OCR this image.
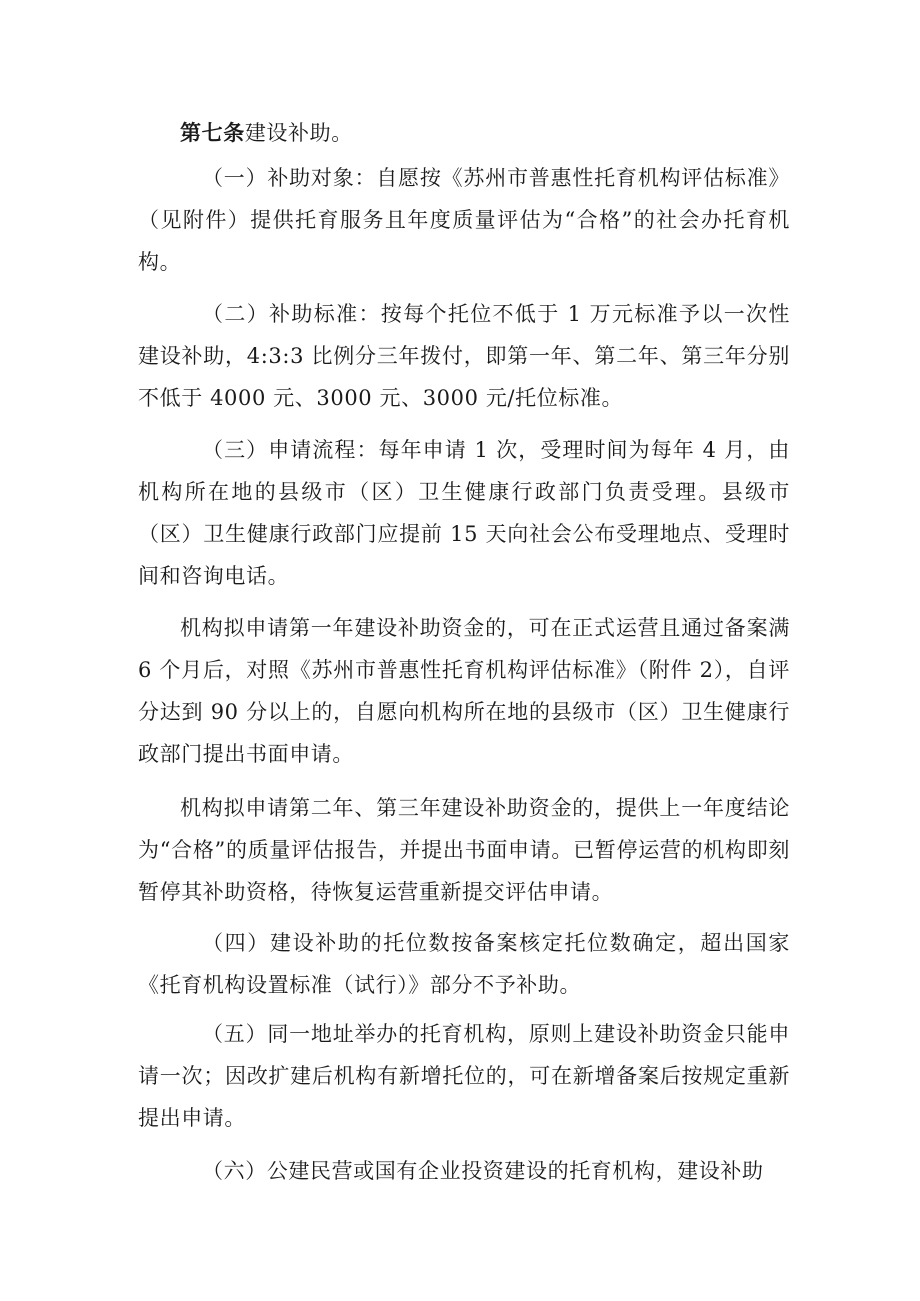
第七条建设补助。

（一）补助对象：自愿按《苏州市普惠性托育机构评估标准》（见附件）提供托育服务且年度质量评估为“合格”的社会办托育机构。

（二）补助标准：按每个托位不低于 1 万元标准予以一次性建设补助，4:3:3 比例分三年拨付，即第一年、第二年、第三年分别不低于 4000 元、3000 元、3000 元/托位标准。

（三）申请流程：每年申请 1 次，受理时间为每年 4 月，由机构所在地的县级市（区）卫生健康行政部门负责受理。县级市（区）卫生健康行政部门应提前 15 天向社会公布受理地点、受理时间和咨询电话。

机构拟申请第一年建设补助资金的，可在正式运营且通过备案满 6 个月后，对照《苏州市普惠性托育机构评估标准》（附件 2），自评分达到 90 分以上的，自愿向机构所在地的县级市（区）卫生健康行政部门提出书面申请。

机构拟申请第二年、第三年建设补助资金的，提供上一年度结论为“合格”的质量评估报告，并提出书面申请。已暂停运营的机构即刻暂停其补助资格，待恢复运营重新提交评估申请。

（四）建设补助的托位数按备案核定托位数确定，超出国家《托育机构设置标准（试行）》部分不予补助。

（五）同一地址举办的托育机构，原则上建设补助资金只能申请一次；因改扩建后机构有新增托位的，可在新增备案后按规定重新提出申请。

（六）公建民营或国有企业投资建设的托育机构，建设补助
